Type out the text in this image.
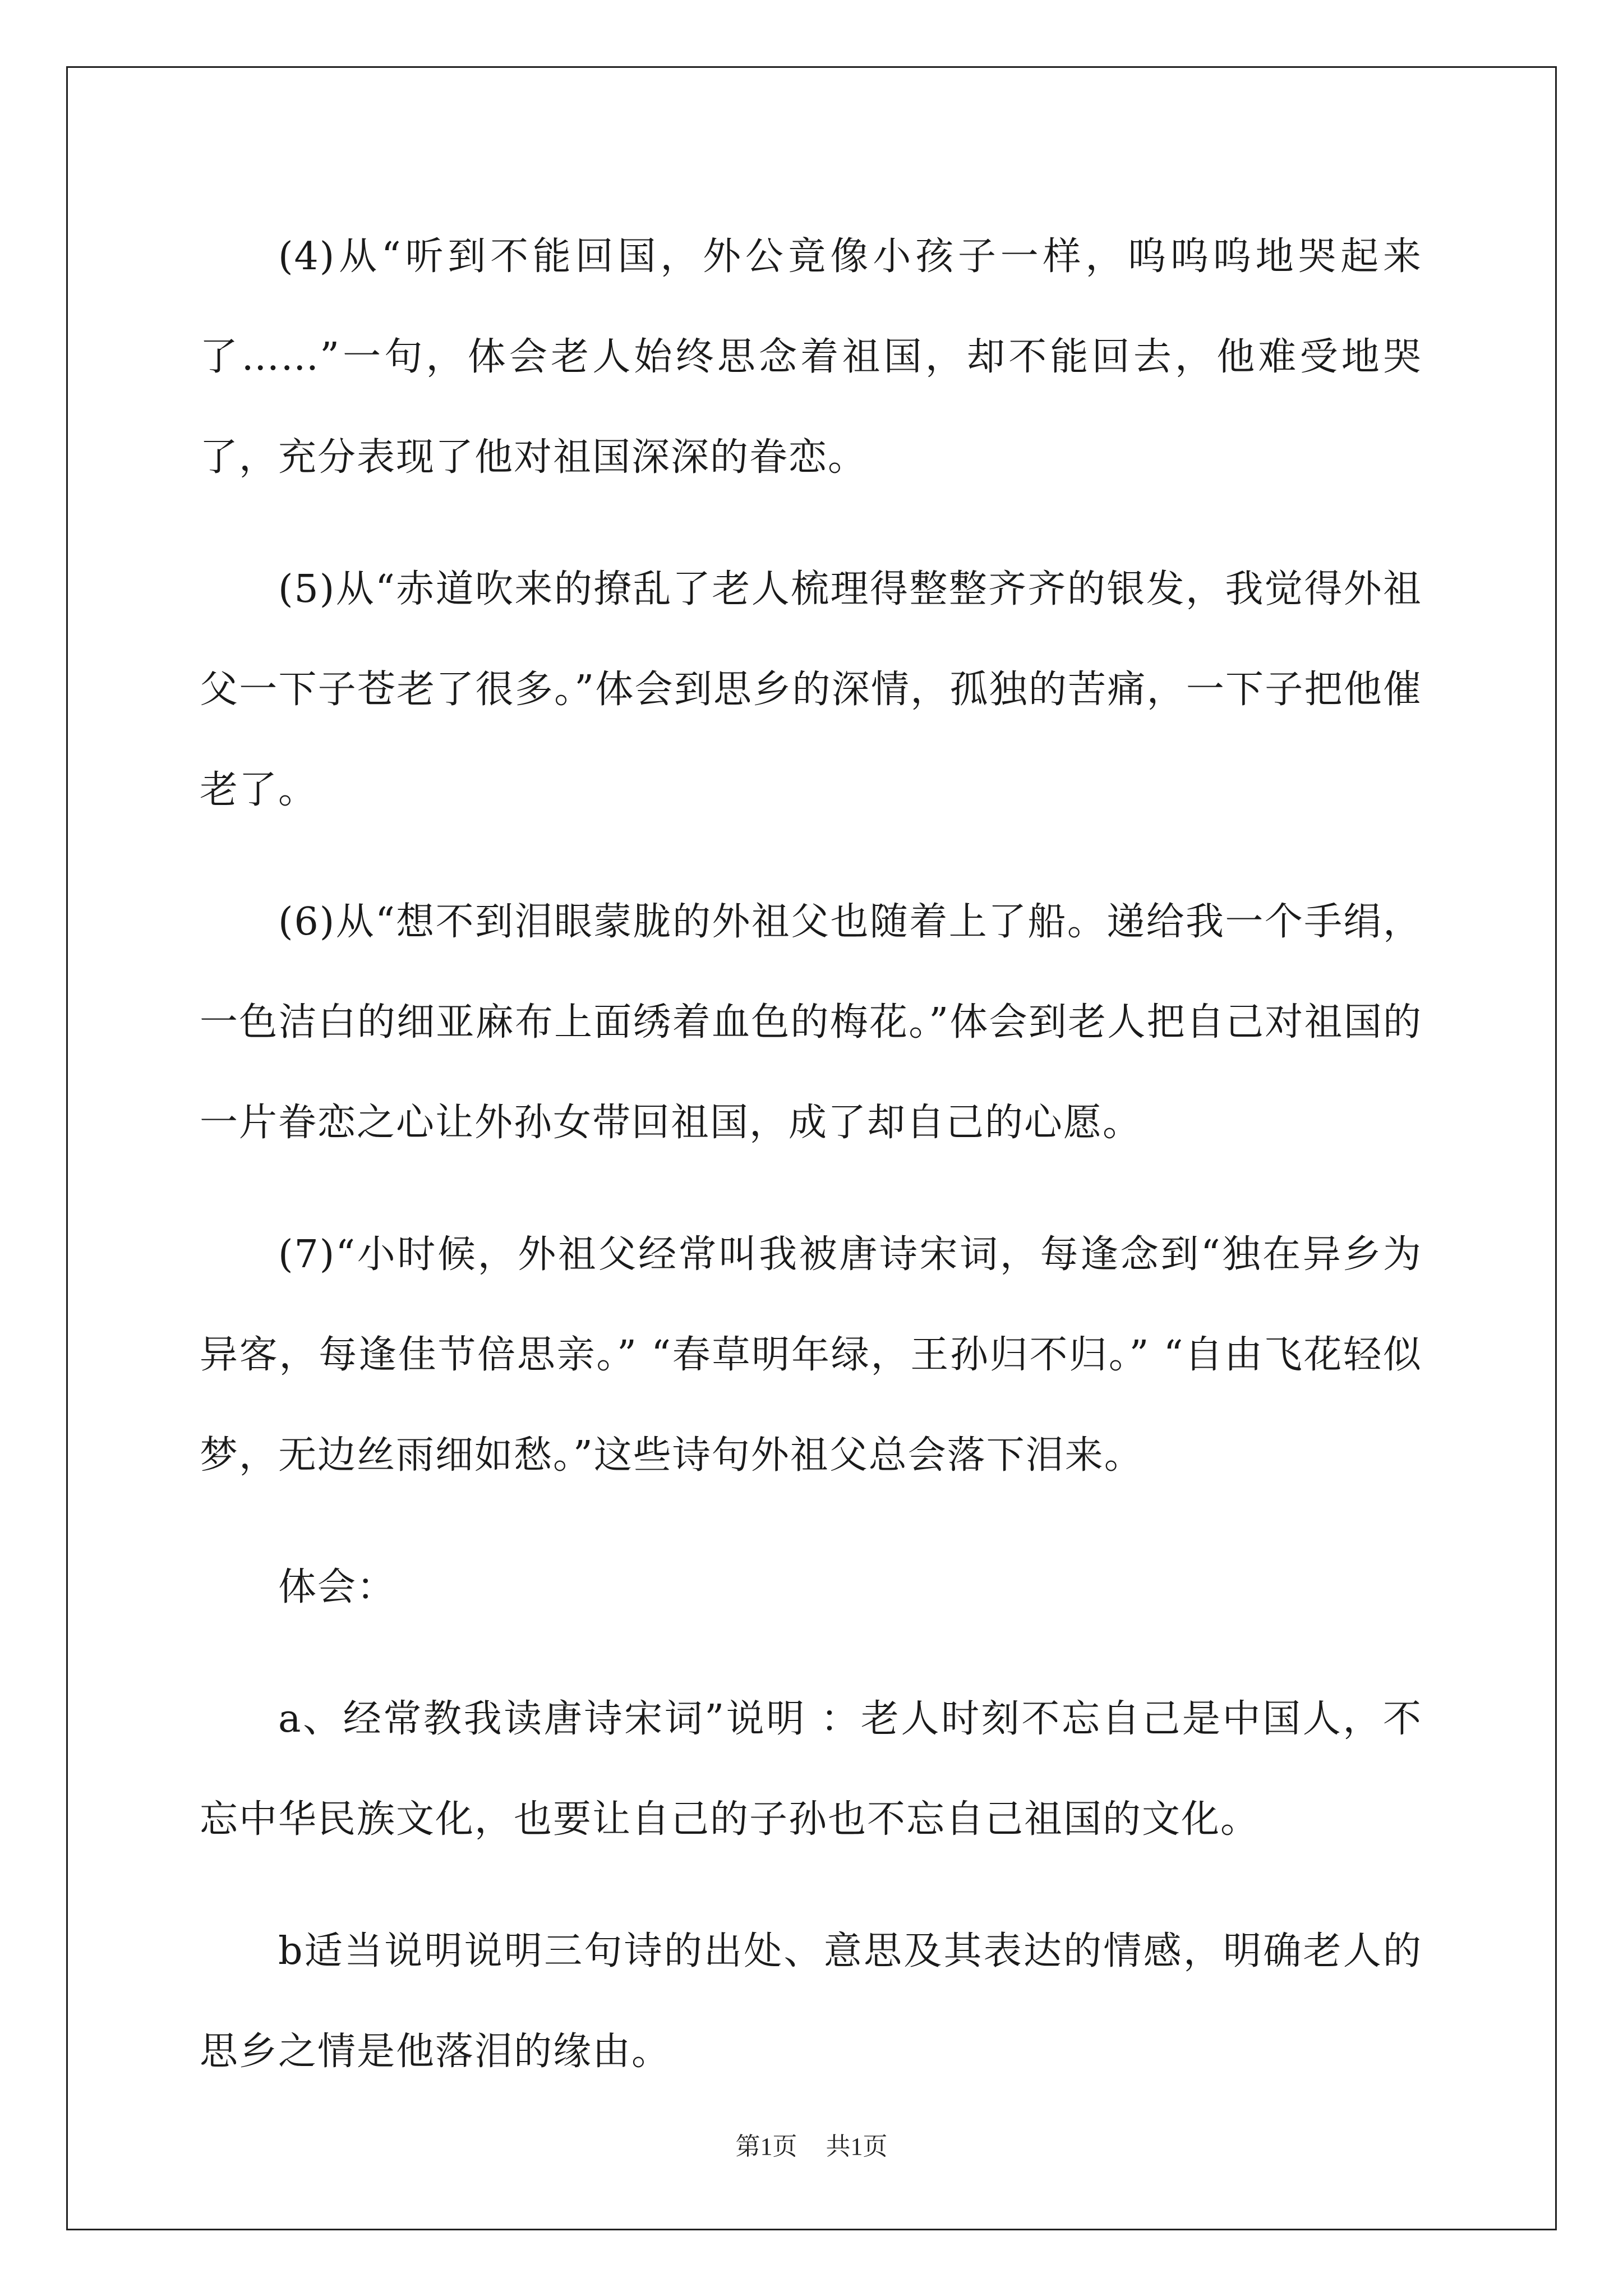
(4)从“听到不能回国，外公竟像小孩子一样，呜呜呜地哭起来了……”一句，体会老人始终思念着祖国，却不能回去，他难受地哭了，充分表现了他对祖国深深的眷恋。

(5)从“赤道吹来的撩乱了老人梳理得整整齐齐的银发，我觉得外祖父一下子苍老了很多。”体会到思乡的深情，孤独的苦痛，一下子把他催老了。

(6)从“想不到泪眼蒙胧的外祖父也随着上了船。递给我一个手绢，一色洁白的细亚麻布上面绣着血色的梅花。”体会到老人把自己对祖国的一片眷恋之心让外孙女带回祖国，成了却自己的心愿。

(7)“小时候，外祖父经常叫我被唐诗宋词，每逢念到“独在异乡为异客，每逢佳节倍思亲。” “春草明年绿，王孙归不归。” “自由飞花轻似梦，无边丝雨细如愁。”这些诗句外祖父总会落下泪来。

体会：

a、经常教我读唐诗宋词”说明 ：老人时刻不忘自己是中国人，不忘中华民族文化，也要让自己的子孙也不忘自己祖国的文化。

b适当说明说明三句诗的出处、意思及其表达的情感，明确老人的思乡之情是他落泪的缘由。

第1页 共1页
